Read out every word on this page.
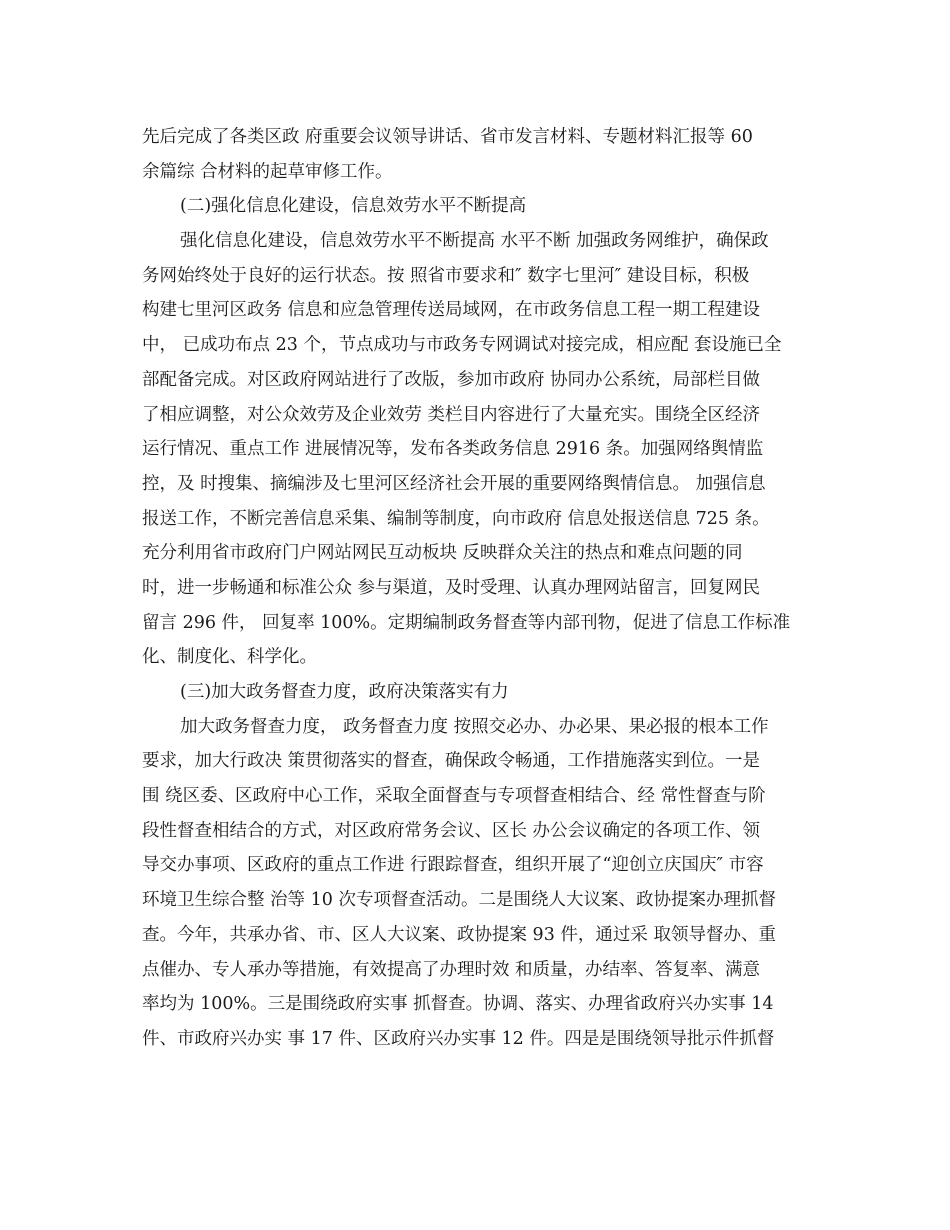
先后完成了各类区政 府重要会议领导讲话、省市发言材料、专题材料汇报等 60
余篇综 合材料的起草审修工作。
(二)强化信息化建设，信息效劳水平不断提高
强化信息化建设，信息效劳水平不断提高 水平不断 加强政务网维护，确保政
务网始终处于良好的运行状态。按 照省市要求和″ 数字七里河″ 建设目标，积极
构建七里河区政务 信息和应急管理传送局域网，在市政务信息工程一期工程建设
中， 已成功布点 23 个，节点成功与市政务专网调试对接完成，相应配 套设施已全
部配备完成。对区政府网站进行了改版，参加市政府 协同办公系统，局部栏目做
了相应调整，对公众效劳及企业效劳 类栏目内容进行了大量充实。围绕全区经济
运行情况、重点工作 进展情况等，发布各类政务信息 2916 条。加强网络舆情监
控，及 时搜集、摘编涉及七里河区经济社会开展的重要网络舆情信息。 加强信息
报送工作，不断完善信息采集、编制等制度，向市政府 信息处报送信息 725 条。
充分利用省市政府门户网站网民互动板块 反映群众关注的热点和难点问题的同
时，进一步畅通和标准公众 参与渠道，及时受理、认真办理网站留言，回复网民
留言 296 件， 回复率 100%。定期编制政务督查等内部刊物，促进了信息工作标准
化、制度化、科学化。
(三)加大政务督查力度，政府决策落实有力
加大政务督查力度， 政务督查力度 按照交必办、办必果、果必报的根本工作
要求，加大行政决 策贯彻落实的督查，确保政令畅通，工作措施落实到位。一是
围 绕区委、区政府中心工作，采取全面督查与专项督查相结合、经 常性督查与阶
段性督查相结合的方式，对区政府常务会议、区长 办公会议确定的各项工作、领
导交办事项、区政府的重点工作进 行跟踪督查，组织开展了“迎创立庆国庆″ 市容
环境卫生综合整 治等 10 次专项督查活动。二是围绕人大议案、政协提案办理抓督
查。今年，共承办省、市、区人大议案、政协提案 93 件，通过采 取领导督办、重
点催办、专人承办等措施，有效提高了办理时效 和质量，办结率、答复率、满意
率均为 100%。三是围绕政府实事 抓督查。协调、落实、办理省政府兴办实事 14
件、市政府兴办实 事 17 件、区政府兴办实事 12 件。四是是围绕领导批示件抓督
